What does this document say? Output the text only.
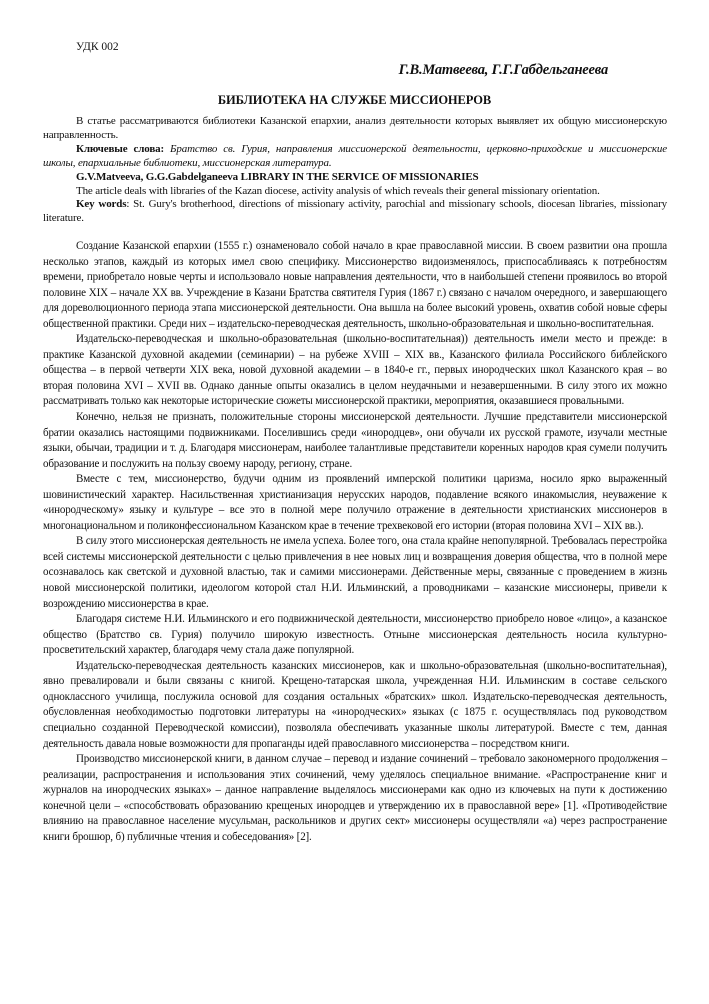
УДК 002
Г.В.Матвеева, Г.Г.Габдельганеева
БИБЛИОТЕКА НА СЛУЖБЕ МИССИОНЕРОВ

В статье рассматриваются библиотеки Казанской епархии, анализ деятельности которых выявляет их общую миссионерскую направленность.

Ключевые слова: Братство св. Гурия, направления миссионерской деятельности, церковно-приходские и миссионерские школы, епархиальные библиотеки, миссионерская литература.

G.V.Matveeva, G.G.Gabdelganeeva LIBRARY IN THE SERVICE OF MISSIONARIES

The article deals with libraries of the Kazan diocese, activity analysis of which reveals their general missionary orientation.

Key words: St. Gury's brotherhood, directions of missionary activity, parochial and missionary schools, diocesan libraries, missionary literature.

Создание Казанской епархии (1555 г.) ознаменовало собой начало в крае православной миссии. В своем развитии она прошла несколько этапов, каждый из которых имел свою специфику. Миссионерство видоизменялось, приспосабливаясь к потребностям времени, приобретало новые черты и использовало новые направления деятельности, что в наибольшей степени проявилось во второй половине XIX – начале XX вв. Учреждение в Казани Братства святителя Гурия (1867 г.) связано с началом очередного, и завершающего для дореволюционного периода этапа миссионерской деятельности. Она вышла на более высокий уровень, охватив собой новые сферы общественной практики. Среди них – издательско-переводческая деятельность, школьно-образовательная и школьно-воспитательная.

Издательско-переводческая и школьно-образовательная (школьно-воспитательная)) деятельность имели место и прежде: в практике Казанской духовной академии (семинарии) – на рубеже XVIII – XIX вв., Казанского филиала Российского библейского общества – в первой четверти XIX века, новой духовной академии – в 1840-е гг., первых инородческих школ Казанского края – во вторая половина XVI – XVII вв. Однако данные опыты оказались в целом неудачными и незавершенными. В силу этого их можно рассматривать только как некоторые исторические сюжеты миссионерской практики, мероприятия, оказавшиеся провальными.

Конечно, нельзя не признать, положительные стороны миссионерской деятельности. Лучшие представители миссионерской братии оказались настоящими подвижниками. Поселившись среди «инородцев», они обучали их русской грамоте, изучали местные языки, обычаи, традиции и т. д. Благодаря миссионерам, наиболее талантливые представители коренных народов края сумели получить образование и послужить на пользу своему народу, региону, стране.

Вместе с тем, миссионерство, будучи одним из проявлений имперской политики царизма, носило ярко выраженный шовинистический характер. Насильственная христианизация нерусских народов, подавление всякого инакомыслия, неуважение к «инородческому» языку и культуре – все это в полной мере получило отражение в деятельности христианских миссионеров в многонациональном и поликонфессиональном Казанском крае в течение трехвековой его истории (вторая половина XVI – XIX вв.).

В силу этого миссионерская деятельность не имела успеха. Более того, она стала крайне непопулярной. Требовалась перестройка всей системы миссионерской деятельности с целью привлечения в нее новых лиц и возвращения доверия общества, что в полной мере осознавалось как светской и духовной властью, так и самими миссионерами. Действенные меры, связанные с проведением в жизнь новой миссионерской политики, идеологом которой стал Н.И. Ильминский, а проводниками – казанские миссионеры, привели к возрождению миссионерства в крае.

Благодаря системе Н.И. Ильминского и его подвижнической деятельности, миссионерство приобрело новое «лицо», а казанское общество (Братство св. Гурия) получило широкую известность. Отныне миссионерская деятельность носила культурно-просветительский характер, благодаря чему стала даже популярной.

Издательско-переводческая деятельность казанских миссионеров, как и школьно-образовательная (школьно-воспитательная), явно превалировали и были связаны с книгой. Крещено-татарская школа, учрежденная Н.И. Ильминским в составе сельского одноклассного училища, послужила основой для создания остальных «братских» школ. Издательско-переводческая деятельность, обусловленная необходимостью подготовки литературы на «инородческих» языках (с 1875 г. осуществлялась под руководством специально созданной Переводческой комиссии), позволяла обеспечивать указанные школы литературой. Вместе с тем, данная деятельность давала новые возможности для пропаганды идей православного миссионерства – посредством книги.

Производство миссионерской книги, в данном случае – перевод и издание сочинений – требовало закономерного продолжения – реализации, распространения и использования этих сочинений, чему уделялось специальное внимание. «Распространение книг и журналов на инородческих языках» – данное направление выделялось миссионерами как одно из ключевых на пути к достижению конечной цели – «способствовать образованию крещеных инородцев и утверждению их в православной вере» [1]. «Противодействие влиянию на православное население мусульман, раскольников и других сект» миссионеры осуществляли «а) через распространение книги брошюр, б) публичные чтения и собеседования» [2].
